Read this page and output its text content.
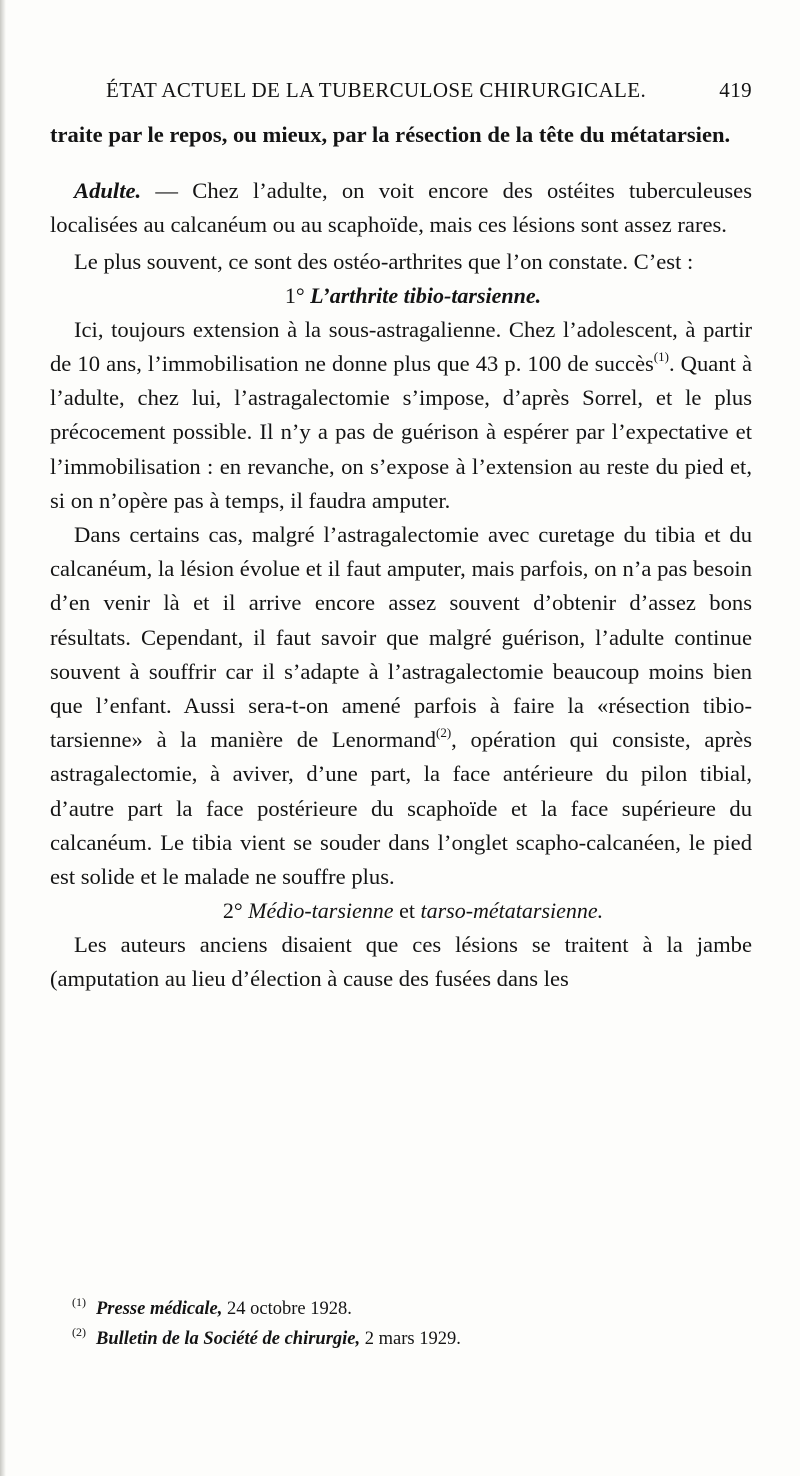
ÉTAT ACTUEL DE LA TUBERCULOSE CHIRURGICALE.	419

traite par le repos, ou mieux, par la résection de la tête du métatarsien.

Adulte. — Chez l’adulte, on voit encore des ostéites tuberculeuses localisées au calcanéum ou au scaphoïde, mais ces lésions sont assez rares.

Le plus souvent, ce sont des ostéo-arthrites que l’on constate. C’est :

1° L’arthrite tibio-tarsienne.

Ici, toujours extension à la sous-astragalienne. Chez l’adolescent, à partir de 10 ans, l’immobilisation ne donne plus que 43 p. 100 de succès$^{(1)}$. Quant à l’adulte, chez lui, l’astragalectomie s’impose, d’après Sorrel, et le plus précocement possible. Il n’y a pas de guérison à espérer par l’expectative et l’immobilisation : en revanche, on s’expose à l’extension au reste du pied et, si on n’opère pas à temps, il faudra amputer.

Dans certains cas, malgré l’astragalectomie avec curetage du tibia et du calcanéum, la lésion évolue et il faut amputer, mais parfois, on n’a pas besoin d’en venir là et il arrive encore assez souvent d’obtenir d’assez bons résultats. Cependant, il faut savoir que malgré guérison, l’adulte continue souvent à souffrir car il s’adapte à l’astragalectomie beaucoup moins bien que l’enfant. Aussi sera-t-on amené parfois à faire la «résection tibio-tarsienne» à la manière de Lenormand$^{(2)}$, opération qui consiste, après astragalectomie, à aviver, d’une part, la face antérieure du pilon tibial, d’autre part la face postérieure du scaphoïde et la face supérieure du calcanéum. Le tibia vient se souder dans l’onglet scapho-calcanéen, le pied est solide et le malade ne souffre plus.

2° Médio-tarsienne et tarso-métatarsienne.

Les auteurs anciens disaient que ces lésions se traitent à la jambe (amputation au lieu d’élection à cause des fusées dans les

$^{(1)}$ Presse médicale, 24 octobre 1928.

$^{(2)}$ Bulletin de la Société de chirurgie, 2 mars 1929.
